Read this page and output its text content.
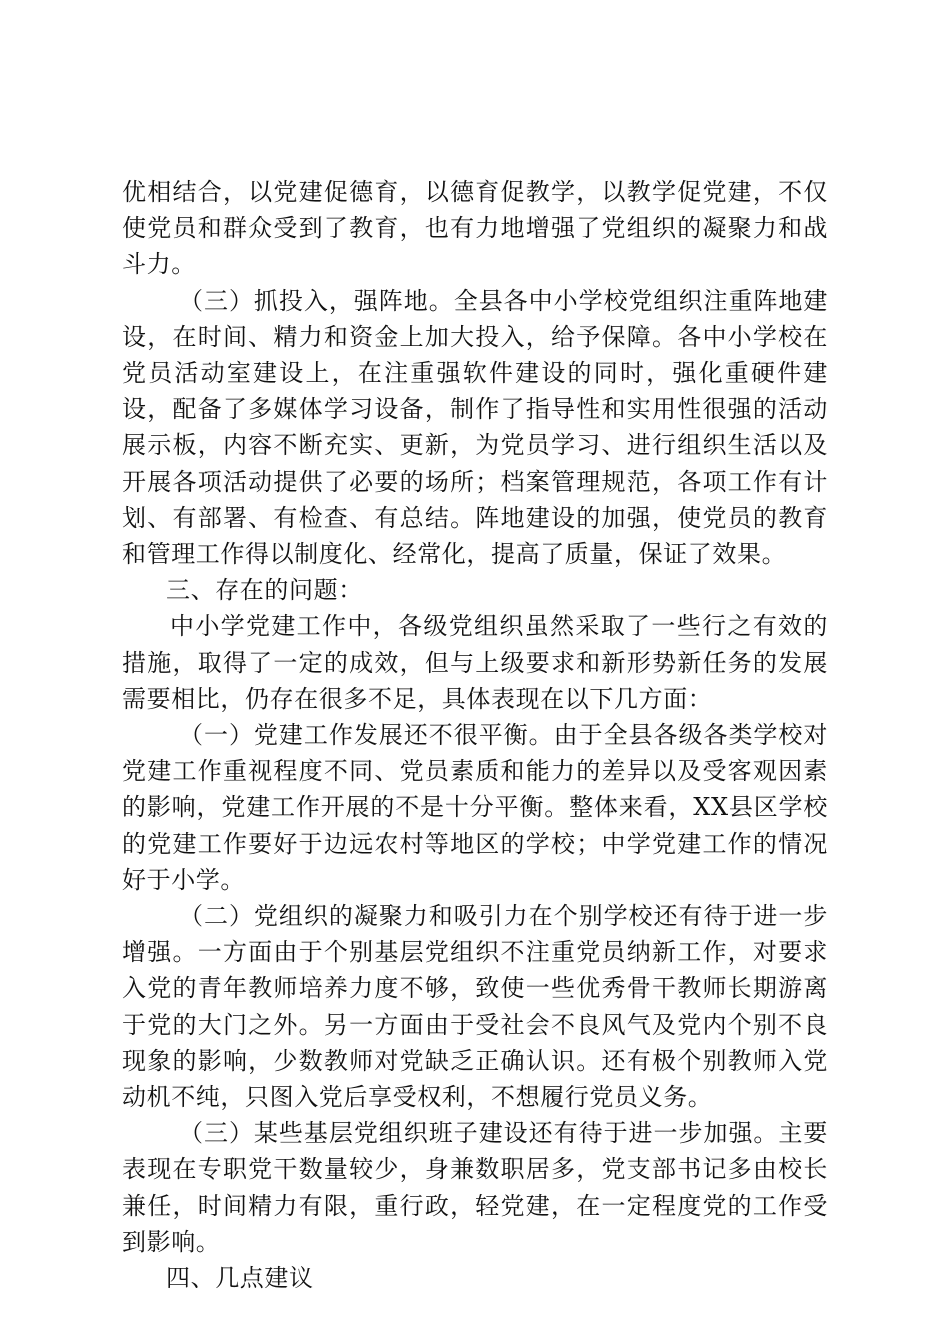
优相结合，以党建促德育，以德育促教学，以教学促党建，不仅使党员和群众受到了教育，也有力地增强了党组织的凝聚力和战斗力。

（三）抓投入，强阵地。全县各中小学校党组织注重阵地建设，在时间、精力和资金上加大投入，给予保障。各中小学校在党员活动室建设上，在注重强软件建设的同时，强化重硬件建设，配备了多媒体学习设备，制作了指导性和实用性很强的活动展示板，内容不断充实、更新，为党员学习、进行组织生活以及开展各项活动提供了必要的场所；档案管理规范，各项工作有计划、有部署、有检查、有总结。阵地建设的加强，使党员的教育和管理工作得以制度化、经常化，提高了质量，保证了效果。

三、存在的问题：

中小学党建工作中，各级党组织虽然采取了一些行之有效的措施，取得了一定的成效，但与上级要求和新形势新任务的发展需要相比，仍存在很多不足，具体表现在以下几方面：

（一）党建工作发展还不很平衡。由于全县各级各类学校对党建工作重视程度不同、党员素质和能力的差异以及受客观因素的影响，党建工作开展的不是十分平衡。整体来看，XX县区学校的党建工作要好于边远农村等地区的学校；中学党建工作的情况好于小学。

（二）党组织的凝聚力和吸引力在个别学校还有待于进一步增强。一方面由于个别基层党组织不注重党员纳新工作，对要求入党的青年教师培养力度不够，致使一些优秀骨干教师长期游离于党的大门之外。另一方面由于受社会不良风气及党内个别不良现象的影响，少数教师对党缺乏正确认识。还有极个别教师入党动机不纯，只图入党后享受权利，不想履行党员义务。

（三）某些基层党组织班子建设还有待于进一步加强。主要表现在专职党干数量较少，身兼数职居多，党支部书记多由校长兼任，时间精力有限，重行政，轻党建，在一定程度党的工作受到影响。

四、几点建议
